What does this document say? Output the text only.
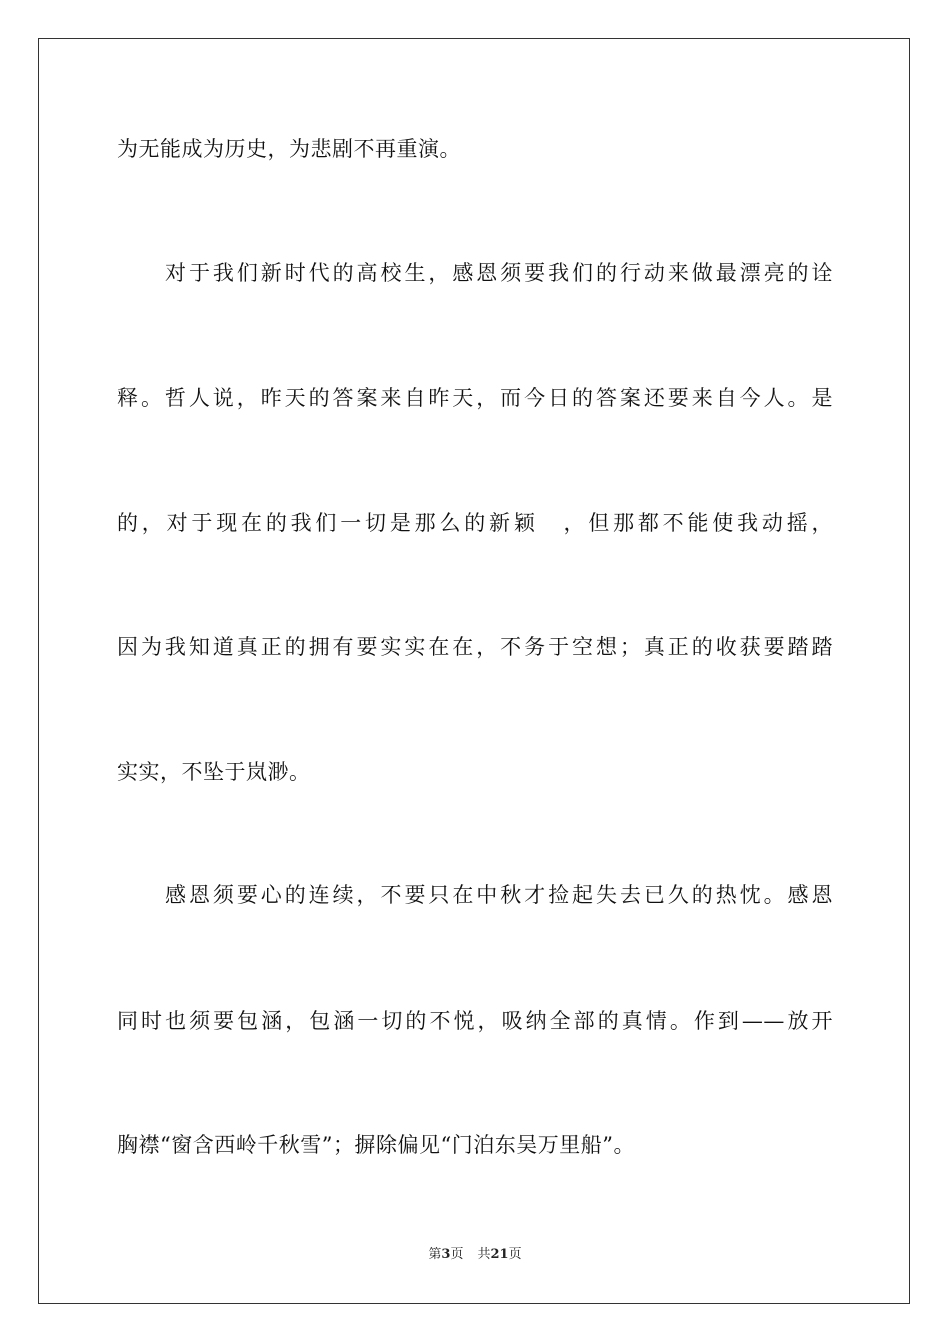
为无能成为历史，为悲剧不再重演。
对于我们新时代的高校生，感恩须要我们的行动来做最漂亮的诠
释。哲人说，昨天的答案来自昨天，而今日的答案还要来自今人。是
的，对于现在的我们一切是那么的新颖　，但那都不能使我动摇，
因为我知道真正的拥有要实实在在，不务于空想；真正的收获要踏踏
实实，不坠于岚渺。
感恩须要心的连续，不要只在中秋才捡起失去已久的热忱。感恩
同时也须要包涵，包涵一切的不悦，吸纳全部的真情。作到——放开
胸襟“窗含西岭千秋雪”；摒除偏见“门泊东吴万里船”。
第3页 共21页
